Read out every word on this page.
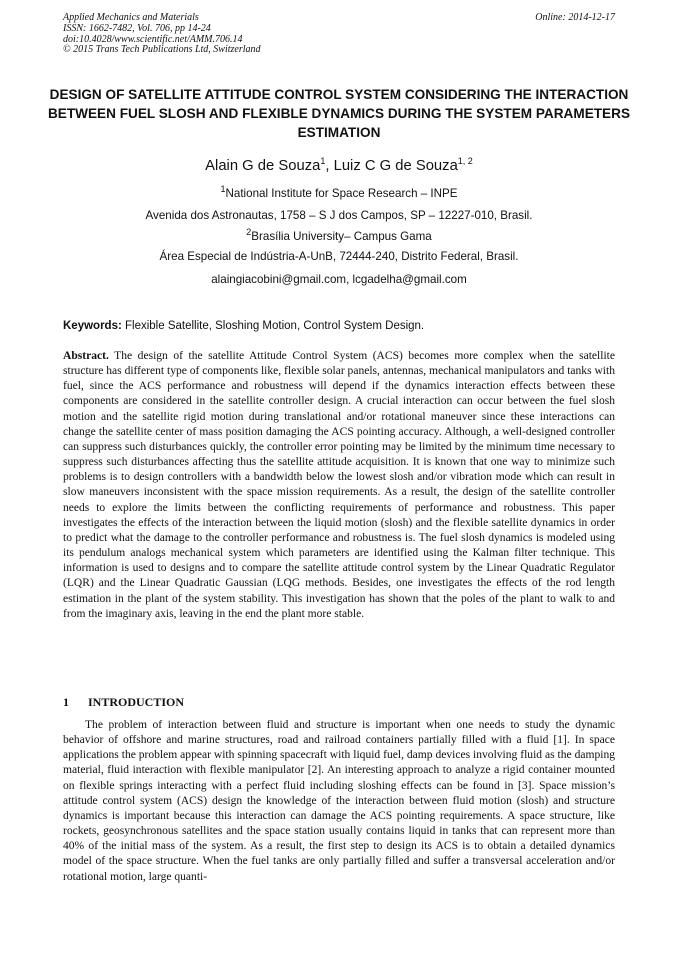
Applied Mechanics and Materials
ISSN: 1662-7482, Vol. 706, pp 14-24
doi:10.4028/www.scientific.net/AMM.706.14
© 2015 Trans Tech Publications Ltd, Switzerland
Online: 2014-12-17
DESIGN OF SATELLITE ATTITUDE CONTROL SYSTEM CONSIDERING THE INTERACTION BETWEEN FUEL SLOSH AND FLEXIBLE DYNAMICS DURING THE SYSTEM PARAMETERS ESTIMATION
Alain G de Souza$^1$, Luiz C G de Souza$^{1, 2}$
$^1$National Institute for Space Research – INPE
Avenida dos Astronautas, 1758 – S J dos Campos, SP – 12227-010, Brasil.
$^2$Brasília University– Campus Gama
Área Especial de Indústria-A-UnB, 72444-240, Distrito Federal, Brasil.
alaingiacobini@gmail.com, lcgadelha@gmail.com
Keywords: Flexible Satellite, Sloshing Motion, Control System Design.
Abstract. The design of the satellite Attitude Control System (ACS) becomes more complex when the satellite structure has different type of components like, flexible solar panels, antennas, mechanical manipulators and tanks with fuel, since the ACS performance and robustness will depend if the dynamics interaction effects between these components are considered in the satellite controller design. A crucial interaction can occur between the fuel slosh motion and the satellite rigid motion during translational and/or rotational maneuver since these interactions can change the satellite center of mass position damaging the ACS pointing accuracy. Although, a well-designed controller can suppress such disturbances quickly, the controller error pointing may be limited by the minimum time necessary to suppress such disturbances affecting thus the satellite attitude acquisition. It is known that one way to minimize such problems is to design controllers with a bandwidth below the lowest slosh and/or vibration mode which can result in slow maneuvers inconsistent with the space mission requirements. As a result, the design of the satellite controller needs to explore the limits between the conflicting requirements of performance and robustness. This paper investigates the effects of the interaction between the liquid motion (slosh) and the flexible satellite dynamics in order to predict what the damage to the controller performance and robustness is. The fuel slosh dynamics is modeled using its pendulum analogs mechanical system which parameters are identified using the Kalman filter technique. This information is used to designs and to compare the satellite attitude control system by the Linear Quadratic Regulator (LQR) and the Linear Quadratic Gaussian (LQG methods. Besides, one investigates the effects of the rod length estimation in the plant of the system stability. This investigation has shown that the poles of the plant to walk to and from the imaginary axis, leaving in the end the plant more stable.
1 INTRODUCTION
The problem of interaction between fluid and structure is important when one needs to study the dynamic behavior of offshore and marine structures, road and railroad containers partially filled with a fluid [1]. In space applications the problem appear with spinning spacecraft with liquid fuel, damp devices involving fluid as the damping material, fluid interaction with flexible manipulator [2]. An interesting approach to analyze a rigid container mounted on flexible springs interacting with a perfect fluid including sloshing effects can be found in [3]. Space mission’s attitude control system (ACS) design the knowledge of the interaction between fluid motion (slosh) and structure dynamics is important because this interaction can damage the ACS pointing requirements. A space structure, like rockets, geosynchronous satellites and the space station usually contains liquid in tanks that can represent more than 40% of the initial mass of the system. As a result, the first step to design its ACS is to obtain a detailed dynamics model of the space structure. When the fuel tanks are only partially filled and suffer a transversal acceleration and/or rotational motion, large quanti-
